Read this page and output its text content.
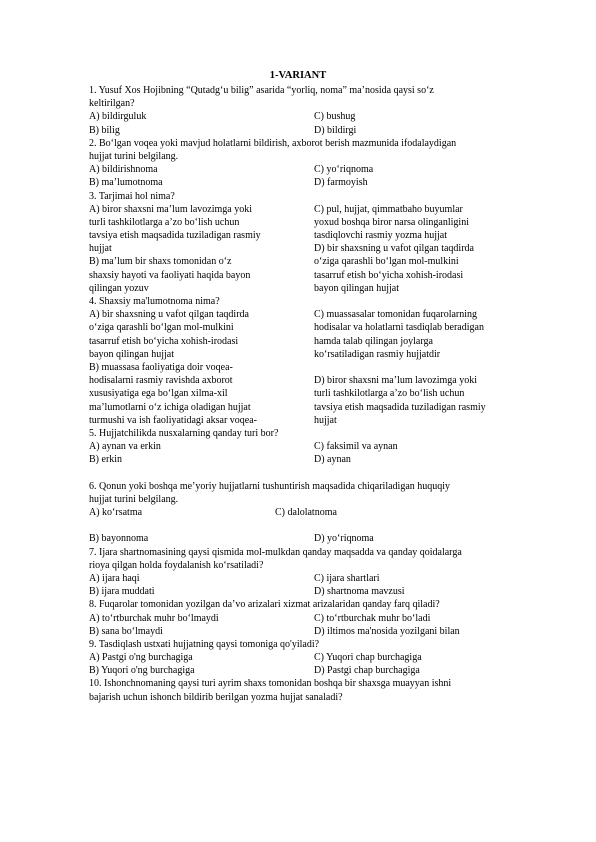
1-VARIANT
1. Yusuf Xos Hojibning “Qutadg‘u bilig” asarida “yorliq, noma” ma’nosida qaysi so‘z
keltirilgan?
A) bildirguluk	C) bushug
B) bilig	D) bildirgi
2. Bo‘lgan voqea yoki mavjud holatlarni bildirish, axborot berish mazmunida ifodalaydigan
hujjat turini belgilang.
A) bildirishnoma	C) yo‘riqnoma
B) ma’lumotnoma	D) farmoyish
3. Tarjimai hol nima?
A) biror shaxsni ma’lum lavozimga yoki	C) pul, hujjat, qimmatbaho buyumlar
turli tashkilotlarga a’zo bo‘lish uchun	yoxud boshqa biror narsa olinganligini
tavsiya etish maqsadida tuziladigan rasmiy	tasdiqlovchi rasmiy yozma hujjat
hujjat	D) bir shaxsning u vafot qilgan taqdirda
B) ma’lum bir shaxs tomonidan o‘z	o‘ziga qarashli bo‘lgan mol-mulkini
shaxsiy hayoti va faoliyati haqida bayon	tasarruf etish bo‘yicha xohish-irodasi
qilingan yozuv	bayon qilingan hujjat
4. Shaxsiy ma'lumotnoma nima?
A) bir shaxsning u vafot qilgan taqdirda	C) muassasalar tomonidan fuqarolarning
o‘ziga qarashli bo‘lgan mol-mulkini	hodisalar va holatlarni tasdiqlab beradigan
tasarruf etish bo‘yicha xohish-irodasi	hamda talab qilingan joylarga
bayon qilingan hujjat	ko‘rsatiladigan rasmiy hujjatdir
B) muassasa faoliyatiga doir voqea-
hodisalarni rasmiy ravishda axborot	D) biror shaxsni ma’lum lavozimga yoki
xususiyatiga ega bo‘lgan xilma-xil	turli tashkilotlarga a’zo bo‘lish uchun
ma’lumotlarni o‘z ichiga oladigan hujjat	tavsiya etish maqsadida tuziladigan rasmiy
turmushi va ish faoliyatidagi aksar voqea-	hujjat
5. Hujjatchilikda nusxalarning qanday turi bor?
A) aynan va erkin	C) faksimil va aynan
B) erkin	D) aynan
6. Qonun yoki boshqa me’yoriy hujjatlarni tushuntirish maqsadida chiqariladigan huquqiy
hujjat turini belgilang.
A) ko‘rsatma	C) dalolatnoma
B) bayonnoma	D) yo‘riqnoma
7. Ijara shartnomasining qaysi qismida mol-mulkdan qanday maqsadda va qanday qoidalarga
rioya qilgan holda foydalanish ko‘rsatiladi?
A) ijara haqi	C) ijara shartlari
B) ijara muddati	D) shartnoma mavzusi
8. Fuqarolar tomonidan yozilgan da’vo arizalari xizmat arizalaridan qanday farq qiladi?
A) to‘rtburchak muhr bo‘lmaydi	C) to‘rtburchak muhr bo‘ladi
B) sana bo‘lmaydi	D) iltimos ma'nosida yozilgani bilan
9. Tasdiqlash ustxati hujjatning qaysi tomoniga qo'yiladi?
A) Pastgi o'ng burchagiga	C) Yuqori chap burchagiga
B) Yuqori o'ng burchagiga	D) Pastgi chap burchagiga
10. Ishonchnomaning qaysi turi ayrim shaxs tomonidan boshqa bir shaxsga muayyan ishni
bajarish uchun ishonch bildirib berilgan yozma hujjat sanaladi?
